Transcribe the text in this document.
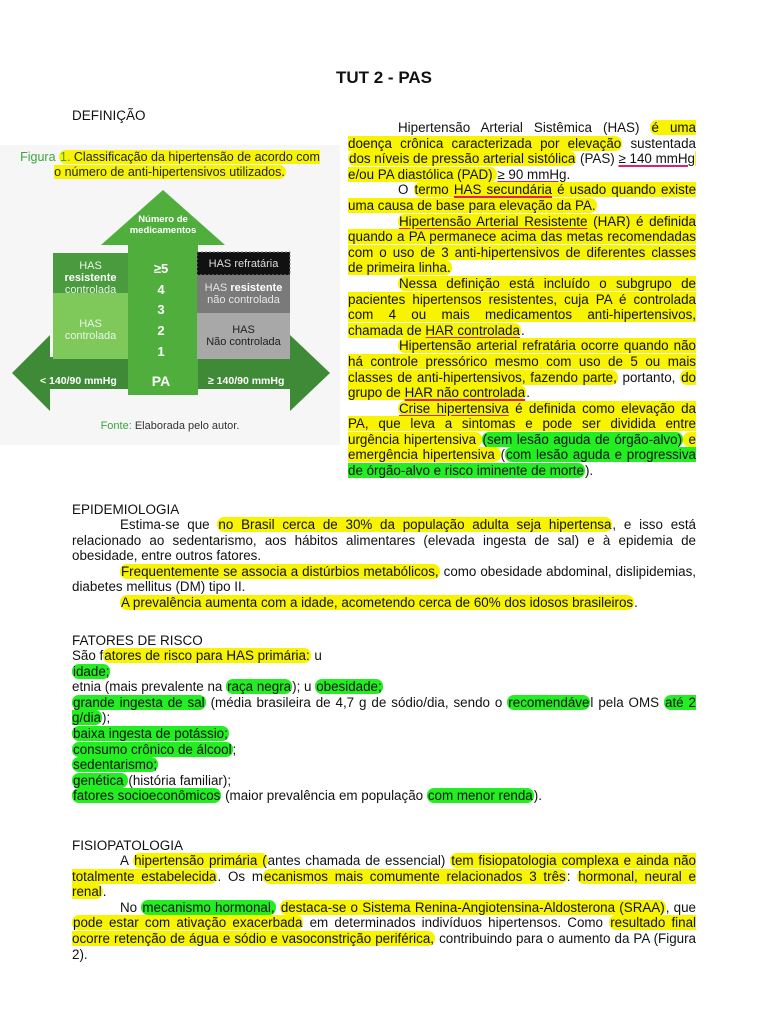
TUT 2 - PAS
DEFINIÇÃO
Figura 1. Classificação da hipertensão de acordo com o número de anti-hipertensivos utilizados.
HAS
resistente
controlada
HAS
controlada
HAS refratária
HAS resistente
não controlada
HAS
Não controlada
Número de medicamentos
≥5
4
3
2
1
PA
< 140/90 mmHg	≥ 140/90 mmHg
Fonte: Elaborada pelo autor.

Hipertensão Arterial Sistêmica (HAS) é uma doença crônica caracterizada por elevação sustentada dos níveis de pressão arterial sistólica (PAS) ≥ 140 mmHg e/ou PA diastólica (PAD) ≥ 90 mmHg.

O termo HAS secundária é usado quando existe uma causa de base para elevação da PA.

Hipertensão Arterial Resistente (HAR) é definida quando a PA permanece acima das metas recomendadas com o uso de 3 anti-hipertensivos de diferentes classes de primeira linha.

Nessa definição está incluído o subgrupo de pacientes hipertensos resistentes, cuja PA é controlada com 4 ou mais medicamentos anti-hipertensivos, chamada de HAR controlada.

Hipertensão arterial refratária ocorre quando não há controle pressórico mesmo com uso de 5 ou mais classes de anti-hipertensivos, fazendo parte, portanto, do grupo de HAR não controlada.

Crise hipertensiva é definida como elevação da PA, que leva a sintomas e pode ser dividida entre urgência hipertensiva (sem lesão aguda de órgão-alvo) e emergência hipertensiva (com lesão aguda e progressiva de órgão-alvo e risco iminente de morte).

EPIDEMIOLOGIA

Estima-se que no Brasil cerca de 30% da população adulta seja hipertensa, e isso está relacionado ao sedentarismo, aos hábitos alimentares (elevada ingesta de sal) e à epidemia de obesidade, entre outros fatores.

Frequentemente se associa a distúrbios metabólicos, como obesidade abdominal, dislipidemias, diabetes mellitus (DM) tipo II.

A prevalência aumenta com a idade, acometendo cerca de 60% dos idosos brasileiros.

FATORES DE RISCO

São fatores de risco para HAS primária: u

idade;

etnia (mais prevalente na raça negra); u obesidade;

grande ingesta de sal (média brasileira de 4,7 g de sódio/dia, sendo o recomendável pela OMS até 2 g/dia);

baixa ingesta de potássio;

consumo crônico de álcool;

sedentarismo;

genética (história familiar);

fatores socioeconômicos (maior prevalência em população com menor renda).

FISIOPATOLOGIA

A hipertensão primária (antes chamada de essencial) tem fisiopatologia complexa e ainda não totalmente estabelecida. Os mecanismos mais comumente relacionados 3 três: hormonal, neural e renal.

No mecanismo hormonal, destaca-se o Sistema Renina-Angiotensina-Aldosterona (SRAA), que pode estar com ativação exacerbada em determinados indivíduos hipertensos. Como resultado final ocorre retenção de água e sódio e vasoconstrição periférica, contribuindo para o aumento da PA (Figura 2).
